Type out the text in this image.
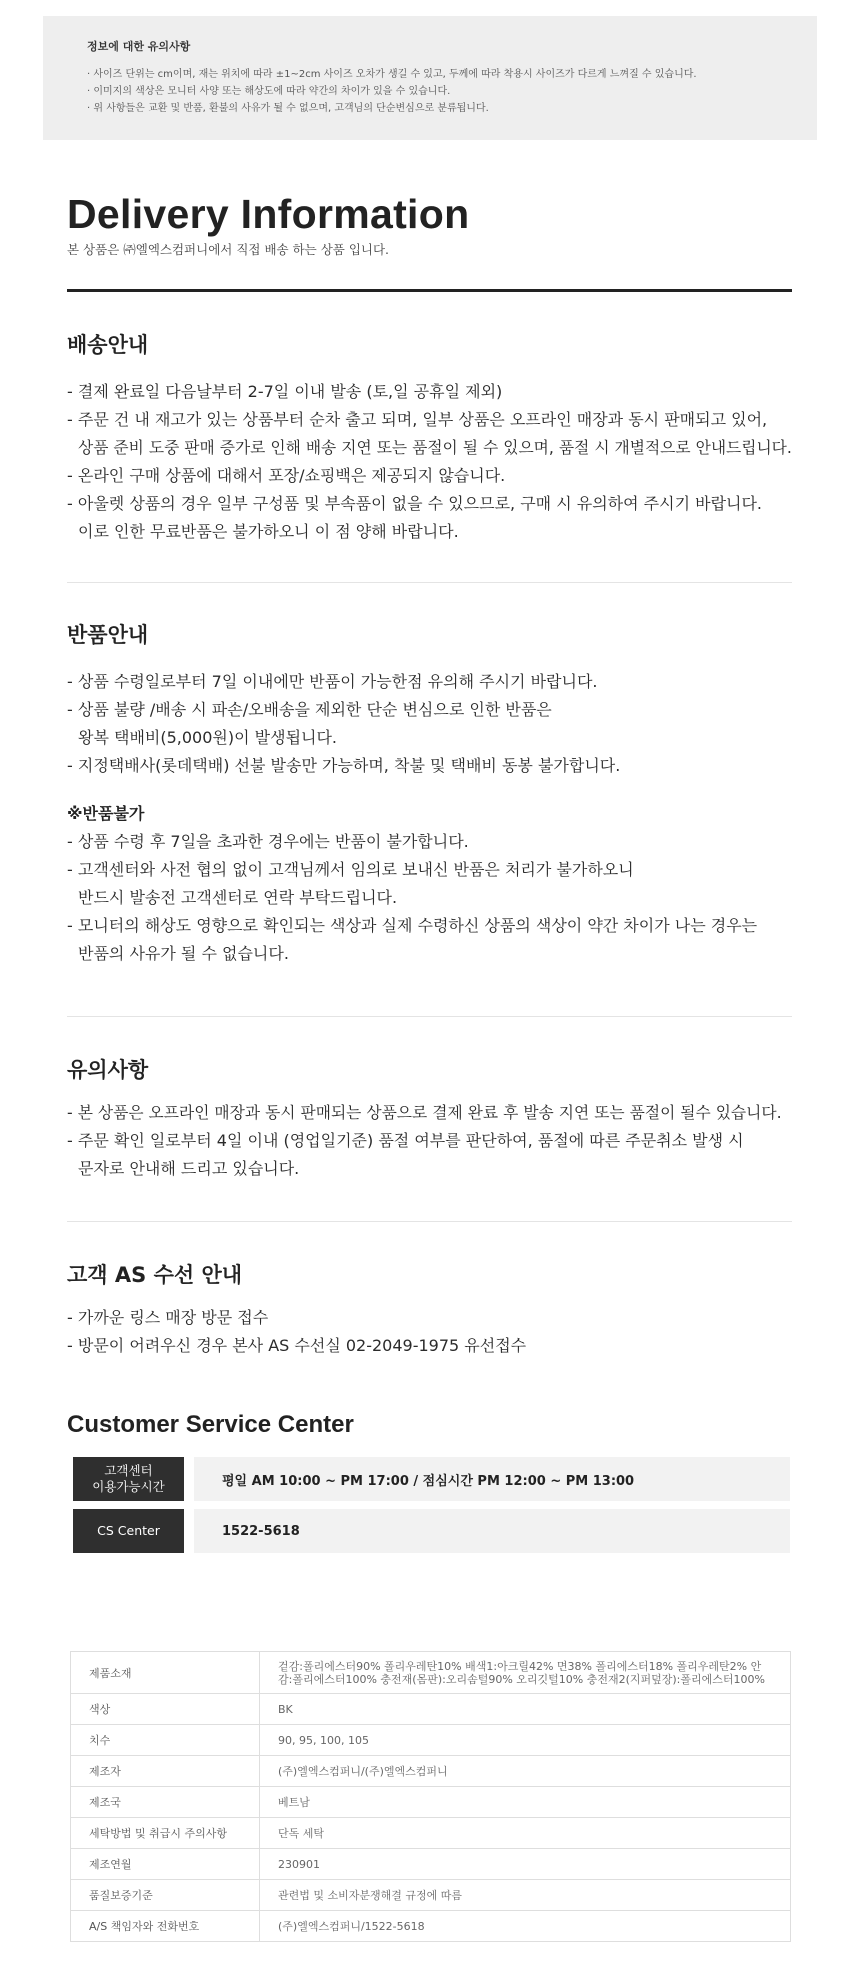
정보에 대한 유의사항
· 사이즈 단위는 cm이며, 재는 위치에 따라 ±1~2cm 사이즈 오차가 생길 수 있고, 두께에 따라 착용시 사이즈가 다르게 느껴질 수 있습니다.
· 이미지의 색상은 모니터 사양 또는 해상도에 따라 약간의 차이가 있을 수 있습니다.
· 위 사항들은 교환 및 반품, 환불의 사유가 될 수 없으며, 고객님의 단순변심으로 분류됩니다.
Delivery Information
본 상품은 ㈜엘엑스컴퍼니에서 직접 배송 하는 상품 입니다.
배송안내
- 결제 완료일 다음날부터 2-7일 이내 발송 (토,일 공휴일 제외)
- 주문 건 내 재고가 있는 상품부터 순차 출고 되며, 일부 상품은 오프라인 매장과 동시 판매되고 있어,
상품 준비 도중 판매 증가로 인해 배송 지연 또는 품절이 될 수 있으며, 품절 시 개별적으로 안내드립니다.
- 온라인 구매 상품에 대해서 포장/쇼핑백은 제공되지 않습니다.
- 아울렛 상품의 경우 일부 구성품 및 부속품이 없을 수 있으므로, 구매 시 유의하여 주시기 바랍니다.
이로 인한 무료반품은 불가하오니 이 점 양해 바랍니다.
반품안내
- 상품 수령일로부터 7일 이내에만 반품이 가능한점 유의해 주시기 바랍니다.
- 상품 불량 /배송 시 파손/오배송을 제외한 단순 변심으로 인한 반품은
왕복 택배비(5,000원)이 발생됩니다.
- 지정택배사(롯데택배) 선불 발송만 가능하며, 착불 및 택배비 동봉 불가합니다.
※반품불가
- 상품 수령 후 7일을 초과한 경우에는 반품이 불가합니다.
- 고객센터와 사전 협의 없이 고객님께서 임의로 보내신 반품은 처리가 불가하오니
반드시 발송전 고객센터로 연락 부탁드립니다.
- 모니터의 해상도 영향으로 확인되는 색상과 실제 수령하신 상품의 색상이 약간 차이가 나는 경우는
반품의 사유가 될 수 없습니다.
유의사항
- 본 상품은 오프라인 매장과 동시 판매되는 상품으로 결제 완료 후 발송 지연 또는 품절이 될수 있습니다.
- 주문 확인 일로부터 4일 이내 (영업일기준) 품절 여부를 판단하여, 품절에 따른 주문취소 발생 시
문자로 안내해 드리고 있습니다.
고객 AS 수선 안내
- 가까운 링스 매장 방문 접수
- 방문이 어려우신 경우 본사 AS 수선실 02-2049-1975 유선접수
Customer Service Center
고객센터
이용가능시간	평일 AM 10:00 ~ PM 17:00 / 점심시간 PM 12:00 ~ PM 13:00
CS Center	1522-5618
제품소재	겉감:폴리에스터90% 폴리우레탄10% 배색1:아크릴42% 면38% 폴리에스터18% 폴리우레탄2% 안감:폴리에스터100% 충전재(몸판):오리솜털90% 오리깃털10% 충전재2(지퍼덮장):폴리에스터100%
색상	BK
치수	90, 95, 100, 105
제조자	(주)엘엑스컴퍼니/(주)엘엑스컴퍼니
제조국	베트남
세탁방법 및 취급시 주의사항	단독 세탁
제조연월	230901
품질보증기준	관련법 및 소비자분쟁해결 규정에 따름
A/S 책임자와 전화번호	(주)엘엑스컴퍼니/1522-5618
